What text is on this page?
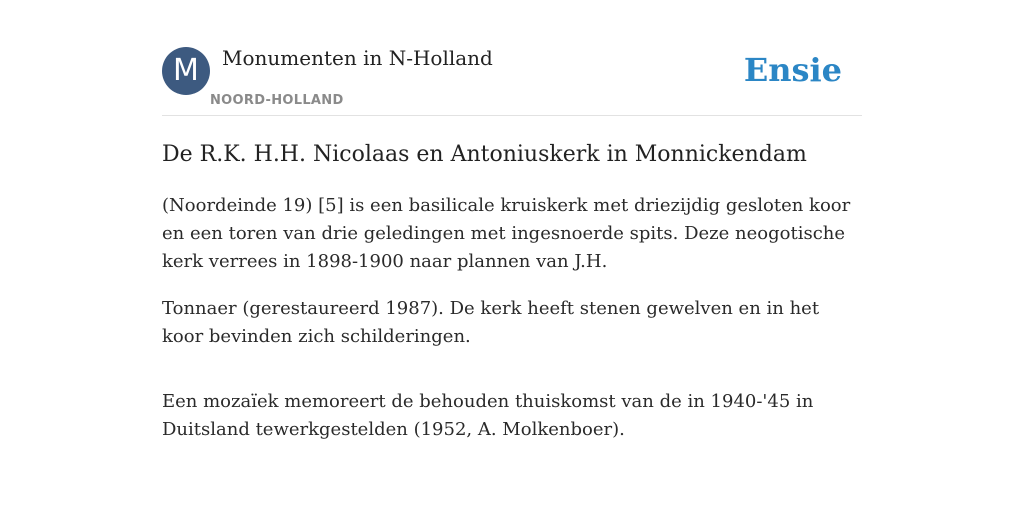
M	Monumenten in N-Holland
NOORD-HOLLAND
Ensie
De R.K. H.H. Nicolaas en Antoniuskerk in Monnickendam

(Noordeinde 19) [5] is een basilicale kruiskerk met driezijdig gesloten koor en een toren van drie geledingen met ingesnoerde spits. Deze neogotische kerk verrees in 1898-1900 naar plannen van J.H.

Tonnaer (gerestaureerd 1987). De kerk heeft stenen gewelven en in het koor bevinden zich schilderingen.

Een mozaïek memoreert de behouden thuiskomst van de in 1940-'45 in Duitsland tewerkgestelden (1952, A. Molkenboer).
